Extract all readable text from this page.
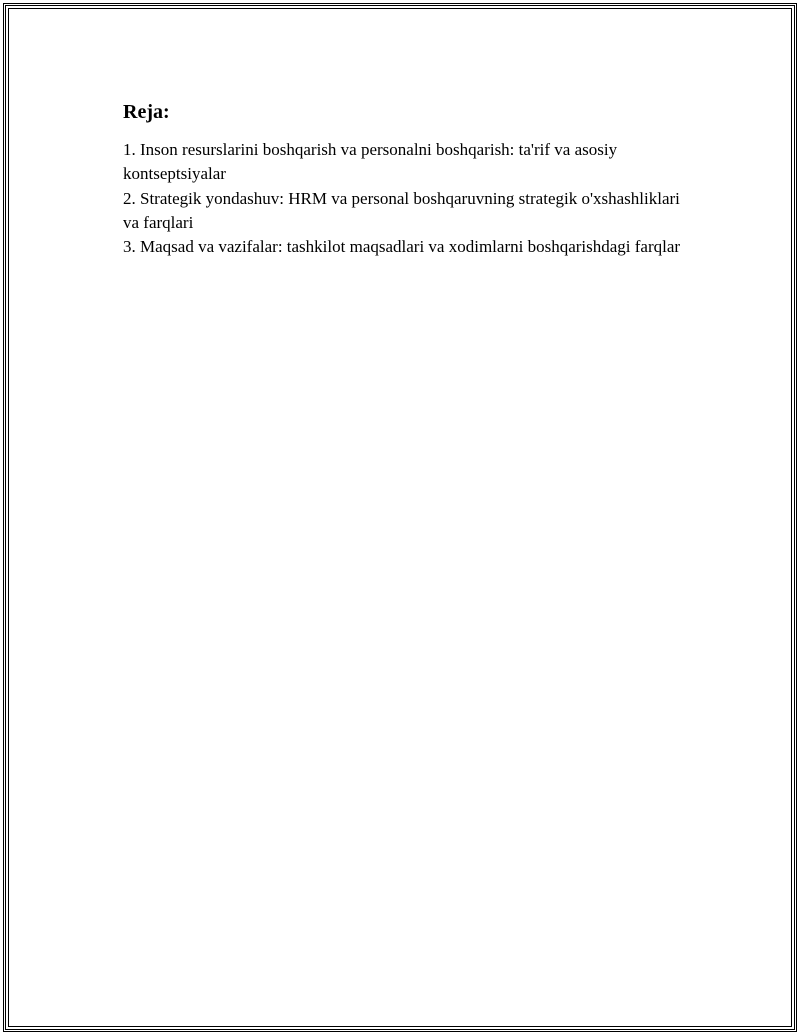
Reja:
1. Inson resurslarini boshqarish va personalni boshqarish: ta'rif va asosiy kontseptsiyalar
2. Strategik yondashuv: HRM va personal boshqaruvning strategik o'xshashliklari va farqlari
3. Maqsad va vazifalar: tashkilot maqsadlari va xodimlarni boshqarishdagi farqlar
